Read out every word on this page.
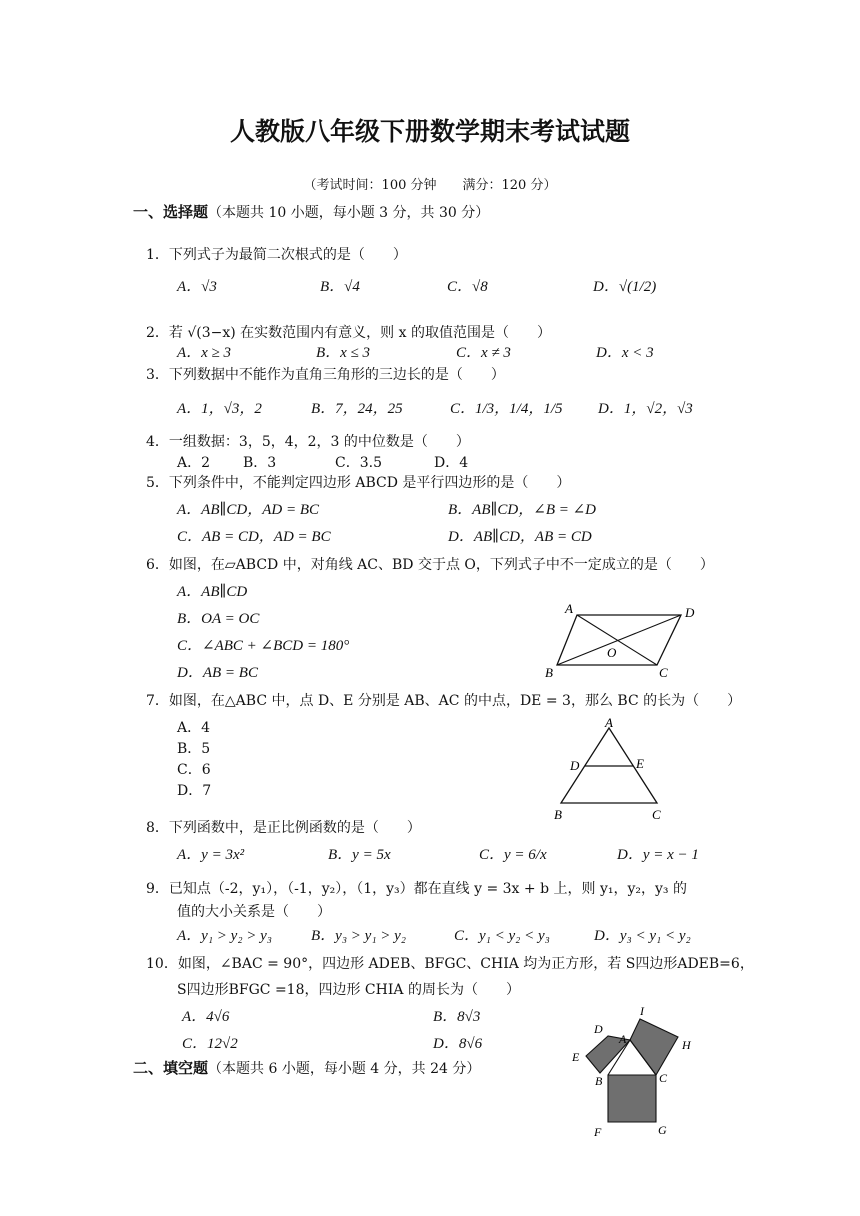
人教版八年级下册数学期末考试试题
（考试时间：100 分钟　　满分：120 分）
一、选择题（本题共 10 小题，每小题 3 分，共 30 分）
1．下列式子为最简二次根式的是（　　）
A．√3	B．√4	C．√8	D．√(1/2)
2．若 √(3−x) 在实数范围内有意义，则 x 的取值范围是（　　）
A．x ≥ 3	B．x ≤ 3	C．x ≠ 3	D．x < 3
3．下列数据中不能作为直角三角形的三边长的是（　　）
A．1，√3，2	B．7，24，25	C．1/3，1/4，1/5 D．1，√2，√3
4．一组数据：3，5，4，2，3 的中位数是（　　）
A．2 B．3	C．3.5	D．4
5．下列条件中，不能判定四边形 ABCD 是平行四边形的是（　　）
A．AB∥CD，AD = BC	B．AB∥CD，∠B = ∠D
C．AB = CD，AD = BC	D．AB∥CD，AB = CD
6．如图，在▱ABCD 中，对角线 AC、BD 交于点 O，下列式子中不一定成立的是（　　）
A．AB∥CD
B．OA = OC
C．∠ABC + ∠BCD = 180°
D．AB = BC
A	D
B	C
O
7．如图，在△ABC 中，点 D、E 分别是 AB、AC 的中点，DE = 3，那么 BC 的长为（　　）
A．4
B．5
C．6
D．7
A
D	E
B	C
8．下列函数中，是正比例函数的是（　　）
A．y = 3x²	B．y = 5x	C．y = 6/x	D．y = x − 1
9．已知点（-2，y₁），（-1，y₂），（1，y₃）都在直线 y = 3x + b 上，则 y₁，y₂，y₃ 的
值的大小关系是（　　）
A．y₁ > y₂ > y₃	B．y₃ > y₁ > y₂	C．y₁ < y₂ < y₃	D．y₃ < y₁ < y₂
10．如图，∠BAC = 90°，四边形 ADEB、BFGC、CHIA 均为正方形，若 S四边形ADEB=6，
S四边形BFGC =18，四边形 CHIA 的周长为（　　）
A．4√6	B．8√3
C．12√2	D．8√6
I
D
A	H
E
B	C
F	G
二、填空题（本题共 6 小题，每小题 4 分，共 24 分）
